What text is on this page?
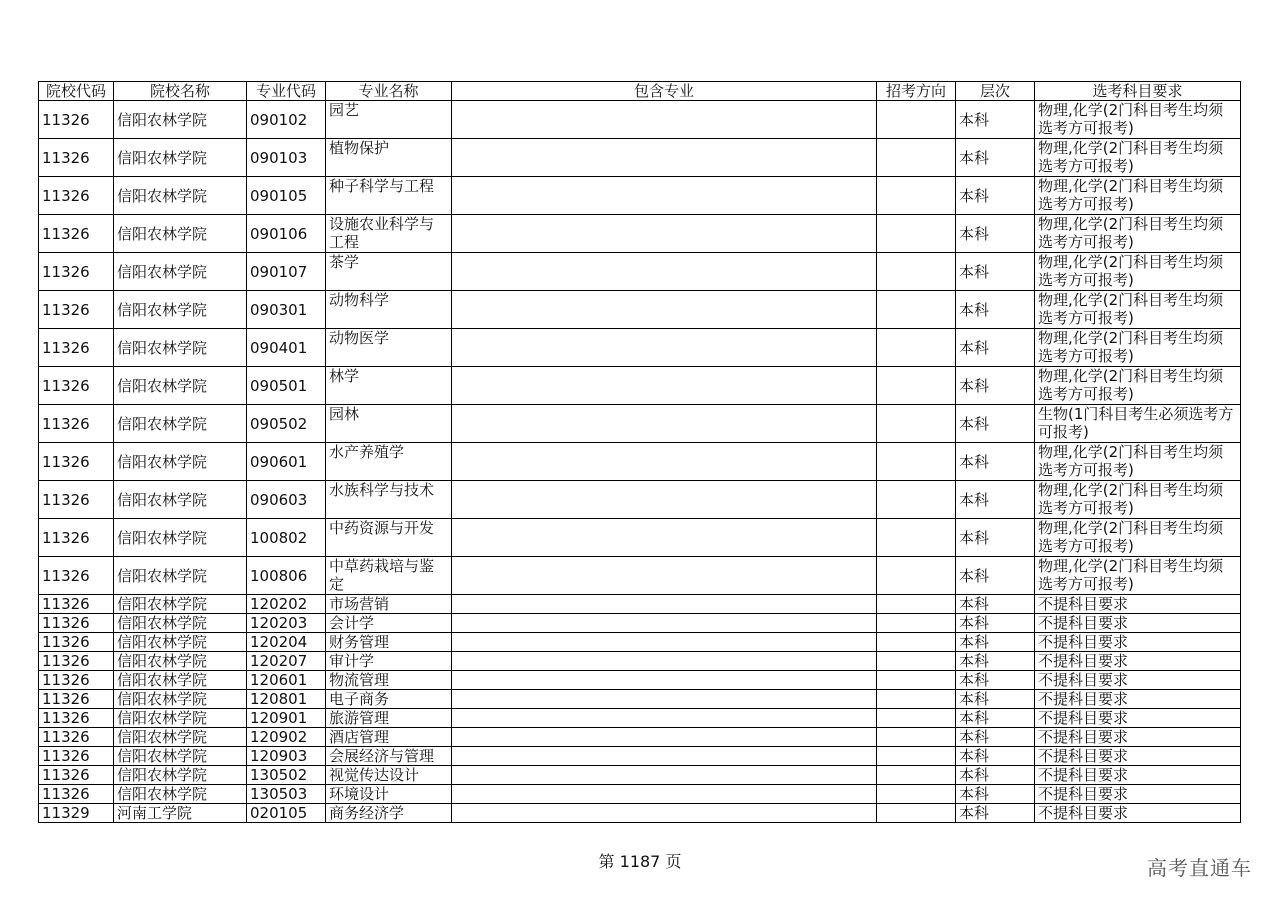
院校代码	院校名称	专业代码	专业名称	包含专业	招考方向	层次	选考科目要求
11326	信阳农林学院	090102	园艺			本科	物理,化学(2门科目考生均须选考方可报考)
11326	信阳农林学院	090103	植物保护			本科	物理,化学(2门科目考生均须选考方可报考)
11326	信阳农林学院	090105	种子科学与工程			本科	物理,化学(2门科目考生均须选考方可报考)
11326	信阳农林学院	090106	设施农业科学与工程			本科	物理,化学(2门科目考生均须选考方可报考)
11326	信阳农林学院	090107	茶学			本科	物理,化学(2门科目考生均须选考方可报考)
11326	信阳农林学院	090301	动物科学			本科	物理,化学(2门科目考生均须选考方可报考)
11326	信阳农林学院	090401	动物医学			本科	物理,化学(2门科目考生均须选考方可报考)
11326	信阳农林学院	090501	林学			本科	物理,化学(2门科目考生均须选考方可报考)
11326	信阳农林学院	090502	园林			本科	生物(1门科目考生必须选考方可报考)
11326	信阳农林学院	090601	水产养殖学			本科	物理,化学(2门科目考生均须选考方可报考)
11326	信阳农林学院	090603	水族科学与技术			本科	物理,化学(2门科目考生均须选考方可报考)
11326	信阳农林学院	100802	中药资源与开发			本科	物理,化学(2门科目考生均须选考方可报考)
11326	信阳农林学院	100806	中草药栽培与鉴定			本科	物理,化学(2门科目考生均须选考方可报考)
11326	信阳农林学院	120202	市场营销			本科	不提科目要求
11326	信阳农林学院	120203	会计学			本科	不提科目要求
11326	信阳农林学院	120204	财务管理			本科	不提科目要求
11326	信阳农林学院	120207	审计学			本科	不提科目要求
11326	信阳农林学院	120601	物流管理			本科	不提科目要求
11326	信阳农林学院	120801	电子商务			本科	不提科目要求
11326	信阳农林学院	120901	旅游管理			本科	不提科目要求
11326	信阳农林学院	120902	酒店管理			本科	不提科目要求
11326	信阳农林学院	120903	会展经济与管理			本科	不提科目要求
11326	信阳农林学院	130502	视觉传达设计			本科	不提科目要求
11326	信阳农林学院	130503	环境设计			本科	不提科目要求
11329	河南工学院	020105	商务经济学			本科	不提科目要求
第 1187 页	高考直通车
